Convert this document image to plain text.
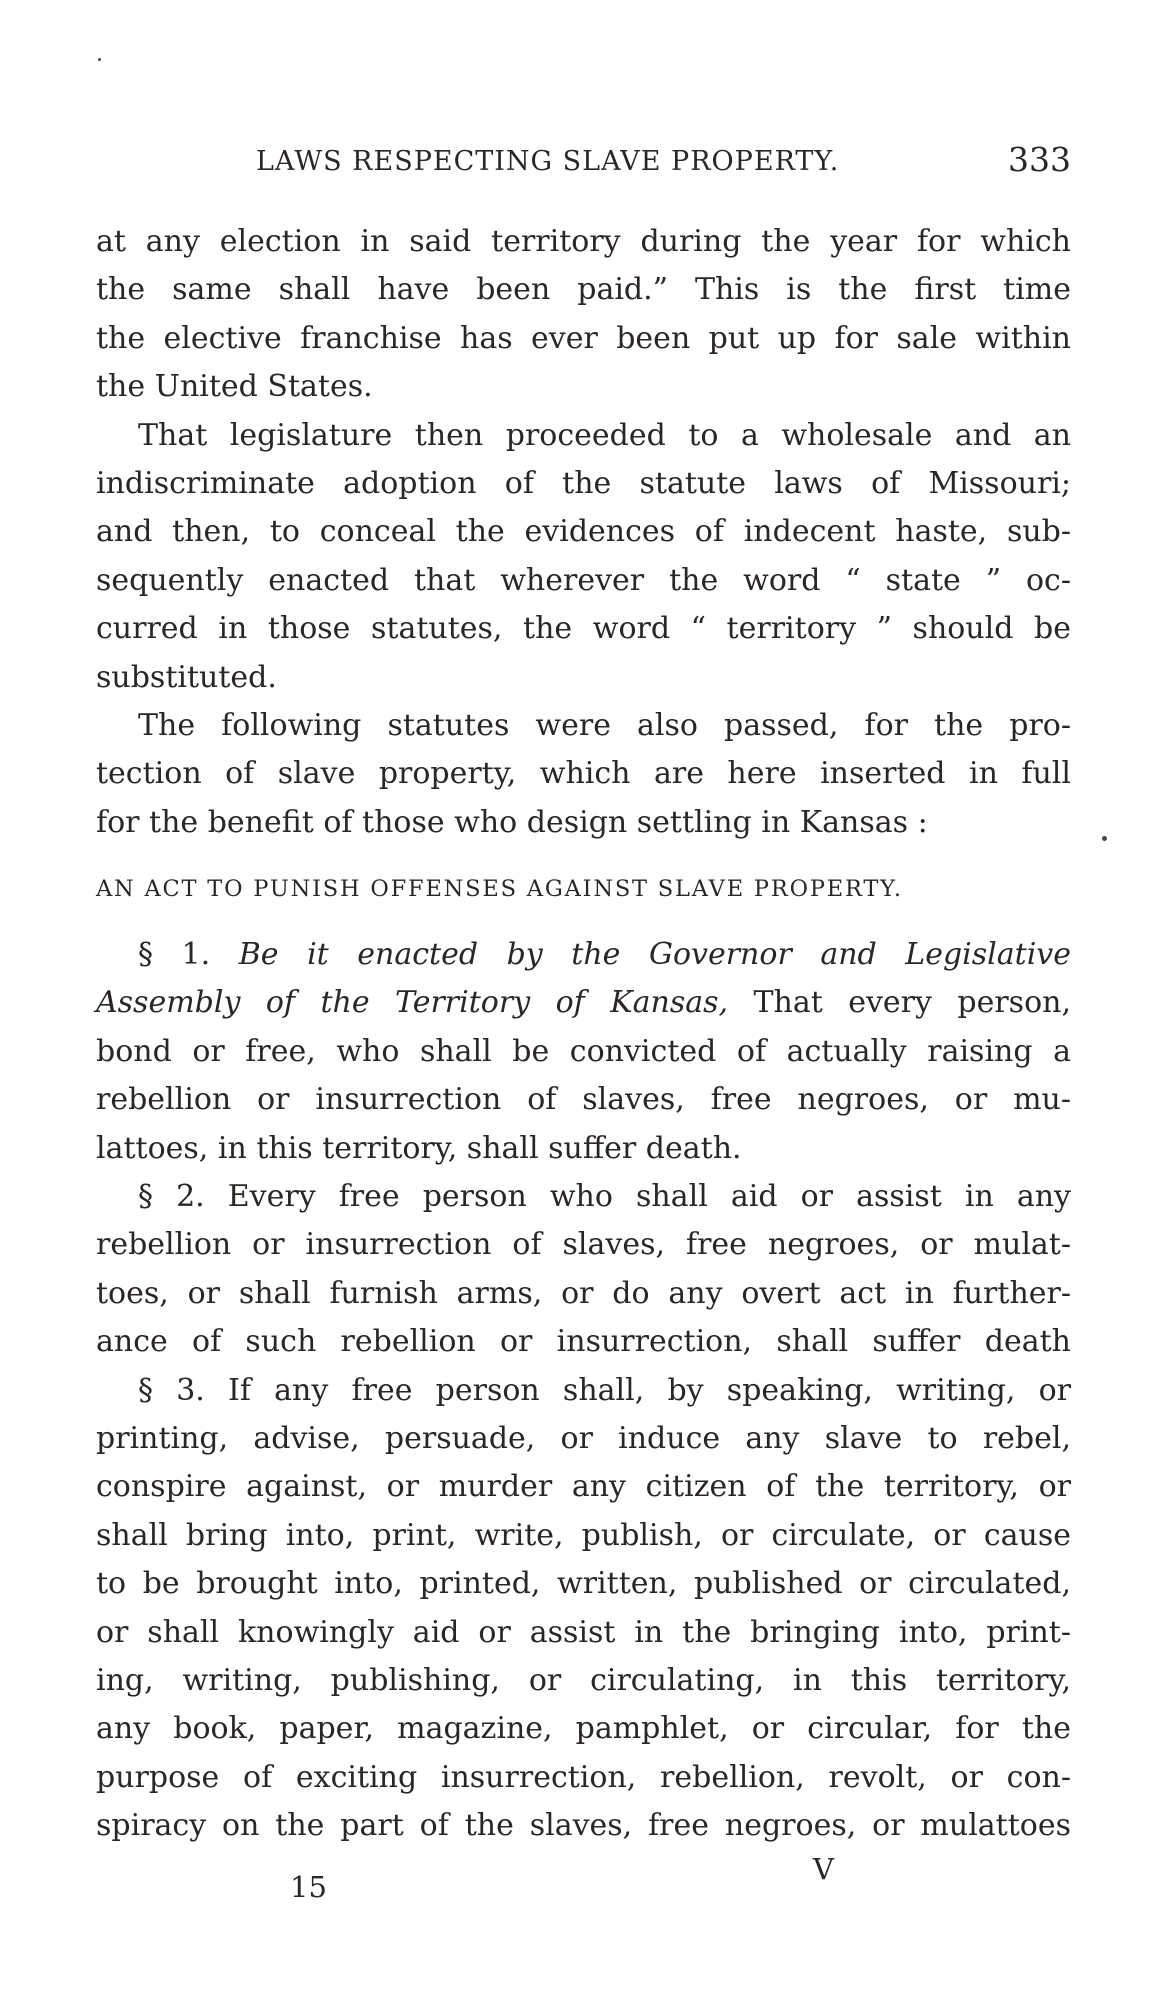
LAWS RESPECTING SLAVE PROPERTY.	333

at any election in said territory during the year for which
the same shall have been paid.” This is the first time
the elective franchise has ever been put up for sale within
the United States.

That legislature then proceeded to a wholesale and an
indiscriminate adoption of the statute laws of Missouri;
and then, to conceal the evidences of indecent haste, sub-
sequently enacted that wherever the word “ state ” oc-
curred in those statutes, the word “ territory ” should be
substituted.

The following statutes were also passed, for the pro-
tection of slave property, which are here inserted in full
for the benefit of those who design settling in Kansas :

AN ACT TO PUNISH OFFENSES AGAINST SLAVE PROPERTY.

§ 1. Be it enacted by the Governor and Legislative
Assembly of the Territory of Kansas, That every person,
bond or free, who shall be convicted of actually raising a
rebellion or insurrection of slaves, free negroes, or mu-
lattoes, in this territory, shall suffer death.

§ 2. Every free person who shall aid or assist in any
rebellion or insurrection of slaves, free negroes, or mulat-
toes, or shall furnish arms, or do any overt act in further-
ance of such rebellion or insurrection, shall suffer death

§ 3. If any free person shall, by speaking, writing, or
printing, advise, persuade, or induce any slave to rebel,
conspire against, or murder any citizen of the territory, or
shall bring into, print, write, publish, or circulate, or cause
to be brought into, printed, written, published or circulated,
or shall knowingly aid or assist in the bringing into, print-
ing, writing, publishing, or circulating, in this territory,
any book, paper, magazine, pamphlet, or circular, for the
purpose of exciting insurrection, rebellion, revolt, or con-
spiracy on the part of the slaves, free negroes, or mulattoes

15
V
